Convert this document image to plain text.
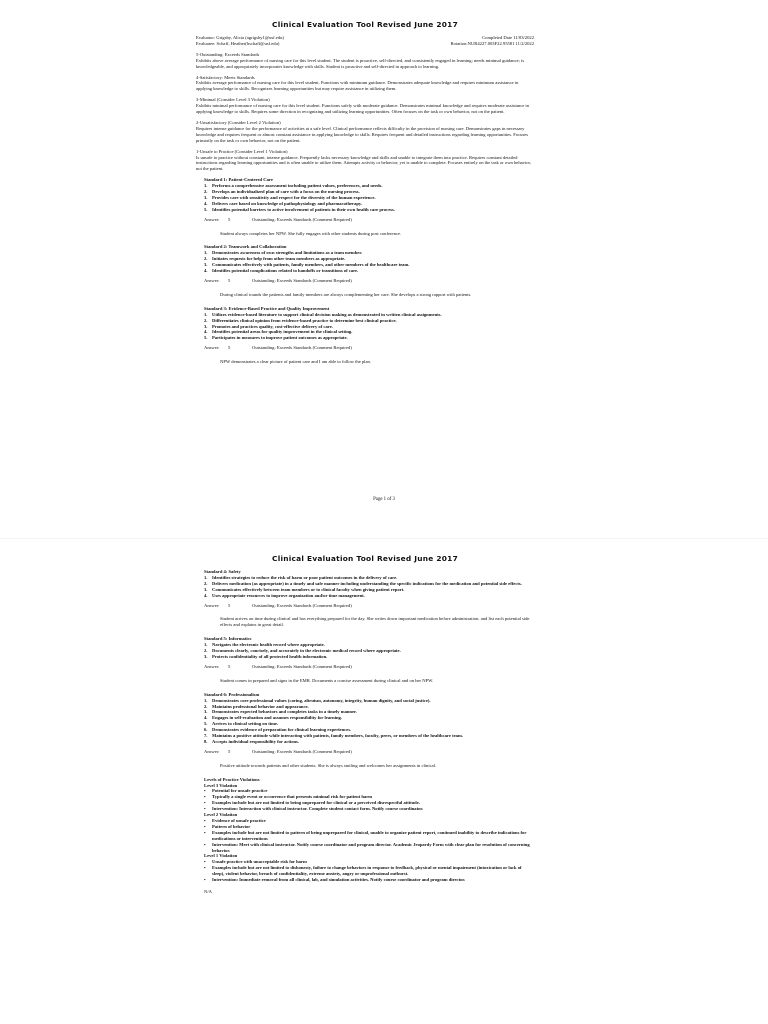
Clinical Evaluation Tool Revised June 2017
Evaluator: Grigsby, Alicia (agrigsby1@usf.edu)	Completed Date 11/03/2022
Evaluatee: Schaff, Heather(hschaff@usf.edu)	Rotation:NUR4227.003F22.95581 11/2/2022
5-Outstanding: Exceeds Standards
Exhibits above average performance of nursing care for this level student. The student is proactive, self-directed, and consistently engaged in learning; needs minimal guidance; is knowledgeable, and appropriately incorporates knowledge with skills. Student is proactive and self-directed in approach to learning.
4-Satisfactory: Meets Standards
Exhibits average performance of nursing care for this level student. Functions with minimum guidance. Demonstrates adequate knowledge and requires minimum assistance in applying knowledge to skills. Recognizes learning opportunities but may require assistance in utilizing them.
3-Minimal (Consider Level 3 Violation)
Exhibits minimal performance of nursing care for this level student. Functions safely with moderate guidance. Demonstrates minimal knowledge and requires moderate assistance in applying knowledge to skills. Requires some direction in recognizing and utilizing learning opportunities. Often focuses on the task or own behavior, not on the patient.
2-Unsatisfactory (Consider Level 2 Violation)
Requires intense guidance for the performance of activities at a safe level. Clinical performance reflects difficulty in the provision of nursing care. Demonstrates gaps in necessary knowledge and requires frequent or almost constant assistance in applying knowledge to skills. Requires frequent and detailed instructions regarding learning opportunities. Focuses primarily on the task or own behavior, not on the patient.
1-Unsafe to Practice (Consider Level 1 Violation)
Is unsafe to practice without constant, intense guidance. Frequently lacks necessary knowledge and skills and unable to integrate them into practice. Requires constant detailed instructions regarding learning opportunities and is often unable to utilize them. Attempts activity or behavior, yet is unable to complete. Focuses entirely on the task or own behavior, not the patient.
Standard 1: Patient-Centered Care
1. Performs a comprehensive assessment including patient values, preferences, and needs.
2. Develops an individualized plan of care with a focus on the nursing process.
3. Provides care with sensitivity and respect for the diversity of the human experience.
4. Delivers care based on knowledge of pathophysiology and pharmacotherapy.
5. Identifies potential barriers to active involvement of patients in their own health care process.
Answer:	5	Outstanding: Exceeds Standards (Comment Required)
Student always completes her NPW. She fully engages with other students during post conference.
Standard 2: Teamwork and Collaboration
1. Demonstrates awareness of own strengths and limitations as a team member.
2. Initiates requests for help from other team members as appropriate.
3. Communicates effectively with patients, family members, and other members of the healthcare team.
4. Identifies potential complications related to handoffs or transitions of care.
Answer:	5	Outstanding: Exceeds Standards (Comment Required)
During clinical rounds the patients and family members are always complementing her care. She develops a strong rapport with patients.
Standard 3: Evidence-Based Practice and Quality Improvement
1. Utilizes evidence-based literature to support clinical decision making as demonstrated in written clinical assignments.
2. Differentiates clinical opinion from evidence-based practice to determine best clinical practice.
3. Promotes and practices quality, cost-effective delivery of care.
4. Identifies potential areas for quality improvement in the clinical setting.
5. Participates in measures to improve patient outcomes as appropriate.
Answer:	5	Outstanding: Exceeds Standards (Comment Required)
NPW demonstrates a clear picture of patient care and I am able to follow the plan.
Page 1 of 3
Clinical Evaluation Tool Revised June 2017
Standard 4: Safety
1. Identifies strategies to reduce the risk of harm or poor patient outcomes in the delivery of care.
2. Delivers medication (as appropriate) in a timely and safe manner including understanding the specific indications for the medication and potential side effects.
3. Communicates effectively between team members or to clinical faculty when giving patient report.
4. Uses appropriate resources to improve organization and/or time management.
Answer:	5	Outstanding: Exceeds Standards (Comment Required)
Student arrives on time during clinical and has everything prepared for the day. She writes down important medication before administration. and list each potential side effects and explains in great detail.
Standard 5: Informatics
1. Navigates the electronic health record where appropriate.
2. Documents clearly, concisely, and accurately in the electronic medical record where appropriate.
3. Protects confidentiality of all protected health information.
Answer:	5	Outstanding: Exceeds Standards (Comment Required)
Student comes in prepared and signs in the EMR. Documents a concise assessment during clinical and on her NPW.
Standard 6: Professionalism
1. Demonstrates core professional values (caring, altruism, autonomy, integrity, human dignity, and social justice).
2. Maintains professional behavior and appearance.
3. Demonstrates expected behaviors and completes tasks in a timely manner.
4. Engages in self-evaluation and assumes responsibility for learning.
5. Arrives to clinical setting on time.
6. Demonstrates evidence of preparation for clinical learning experiences.
7. Maintains a positive attitude while interacting with patients, family members, faculty, peers, or members of the healthcare team.
8. Accepts individual responsibility for actions.
Answer:	5	Outstanding: Exceeds Standards (Comment Required)
Positive attitude towards patients and other students. She is always smiling and welcomes her assignments in clinical.
Levels of Practice Violations
Level 3 Violation
•	Potential for unsafe practice
•	Typically a single event or occurrence that presents minimal risk for patient harm
•	Examples include but are not limited to being unprepared for clinical or a perceived disrespectful attitude.
•	Intervention: Interaction with clinical instructor. Complete student contact form. Notify course coordinator.
Level 2 Violation
•	Evidence of unsafe practice
•	Pattern of behavior
•	Examples include but are not limited to pattern of being unprepared for clinical, unable to organize patient report, continued inability to describe indications for medications or interventions
•	Intervention: Meet with clinical instructor. Notify course coordinator and program director. Academic Jeopardy Form with clear plan for resolution of concerning behavior.
Level 1 Violation
•	Unsafe practice with unacceptable risk for harm
•	Examples include but are not limited to dishonesty, failure to change behaviors in response to feedback, physical or mental impairment (intoxication or lack of sleep), violent behavior, breach of confidentiality, extreme anxiety, angry or unprofessional outburst.
•	Intervention: Immediate removal from all clinical, lab, and simulation activities. Notify course coordinator and program director.
N/A
